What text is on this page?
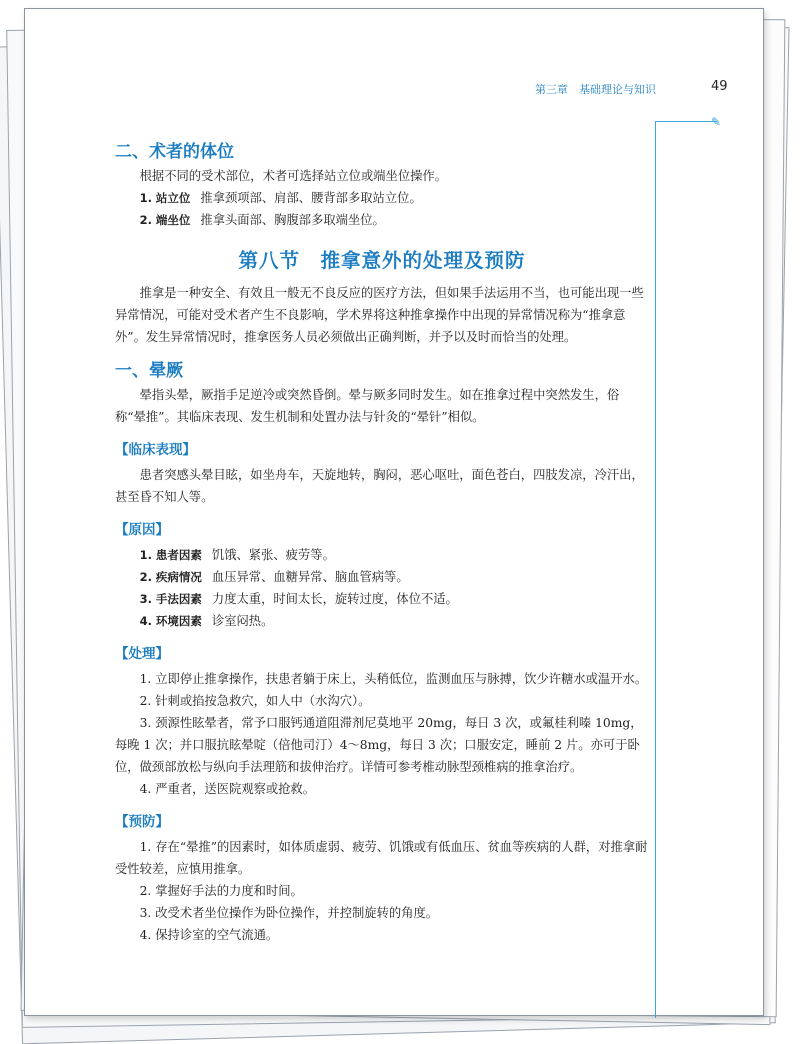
第三章　基础理论与知识	49
✎
二、术者的体位

根据不同的受术部位，术者可选择站立位或端坐位操作。

1. 站立位 推拿颈项部、肩部、腰背部多取站立位。

2. 端坐位 推拿头面部、胸腹部多取端坐位。

第八节　推拿意外的处理及预防

推拿是一种安全、有效且一般无不良反应的医疗方法，但如果手法运用不当，也可能出现一些异常情况，可能对受术者产生不良影响，学术界将这种推拿操作中出现的异常情况称为“推拿意外”。发生异常情况时，推拿医务人员必须做出正确判断，并予以及时而恰当的处理。

一、晕厥

晕指头晕，厥指手足逆冷或突然昏倒。晕与厥多同时发生。如在推拿过程中突然发生，俗称“晕推”。其临床表现、发生机制和处置办法与针灸的“晕针”相似。

【临床表现】

患者突感头晕目眩，如坐舟车，天旋地转，胸闷，恶心呕吐，面色苍白，四肢发凉，冷汗出，甚至昏不知人等。

【原因】

1. 患者因素 饥饿、紧张、疲劳等。

2. 疾病情况 血压异常、血糖异常、脑血管病等。

3. 手法因素 力度太重，时间太长，旋转过度，体位不适。

4. 环境因素 诊室闷热。

【处理】

1. 立即停止推拿操作，扶患者躺于床上，头稍低位，监测血压与脉搏，饮少许糖水或温开水。

2. 针刺或掐按急救穴，如人中（水沟穴）。

3. 颈源性眩晕者，常予口服钙通道阻滞剂尼莫地平 20mg，每日 3 次，或氟桂利嗪 10mg，每晚 1 次；并口服抗眩晕啶（倍他司汀）4～8mg，每日 3 次；口服安定，睡前 2 片。亦可于卧位，做颈部放松与纵向手法理筋和拔伸治疗。详情可参考椎动脉型颈椎病的推拿治疗。

4. 严重者，送医院观察或抢救。

【预防】

1. 存在“晕推”的因素时，如体质虚弱、疲劳、饥饿或有低血压、贫血等疾病的人群，对推拿耐受性较差，应慎用推拿。

2. 掌握好手法的力度和时间。

3. 改受术者坐位操作为卧位操作，并控制旋转的角度。

4. 保持诊室的空气流通。
